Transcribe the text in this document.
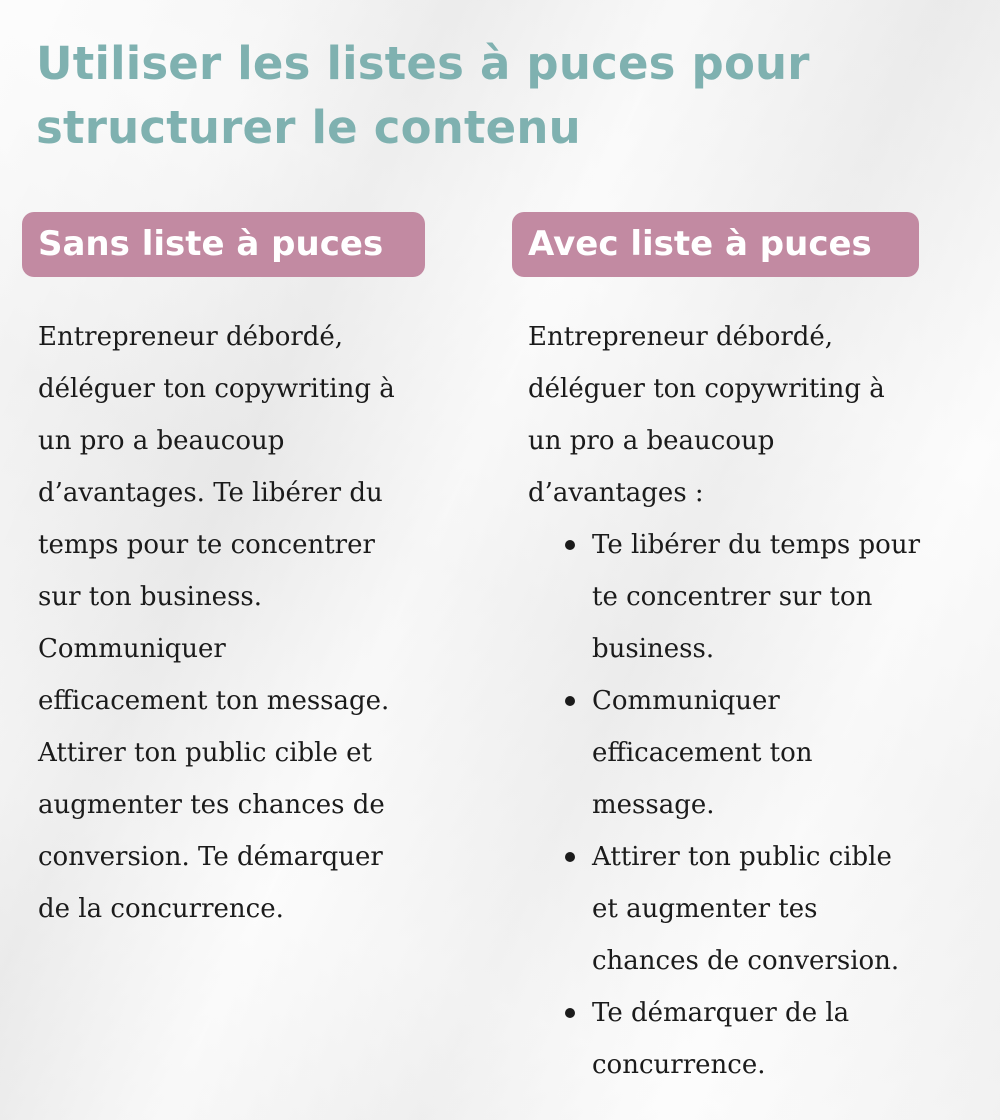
Utiliser les listes à puces pour
structurer le contenu
Sans liste à puces	Avec liste à puces

Entrepreneur débordé,
déléguer ton copywriting à
un pro a beaucoup
d’avantages. Te libérer du
temps pour te concentrer
sur ton business.
Communiquer
efficacement ton message.
Attirer ton public cible et
augmenter tes chances de
conversion. Te démarquer
de la concurrence.

Entrepreneur débordé,
déléguer ton copywriting à
un pro a beaucoup
d’avantages :

Te libérer du temps pour
te concentrer sur ton
business.
Communiquer
efficacement ton
message.
Attirer ton public cible
et augmenter tes
chances de conversion.
Te démarquer de la
concurrence.
